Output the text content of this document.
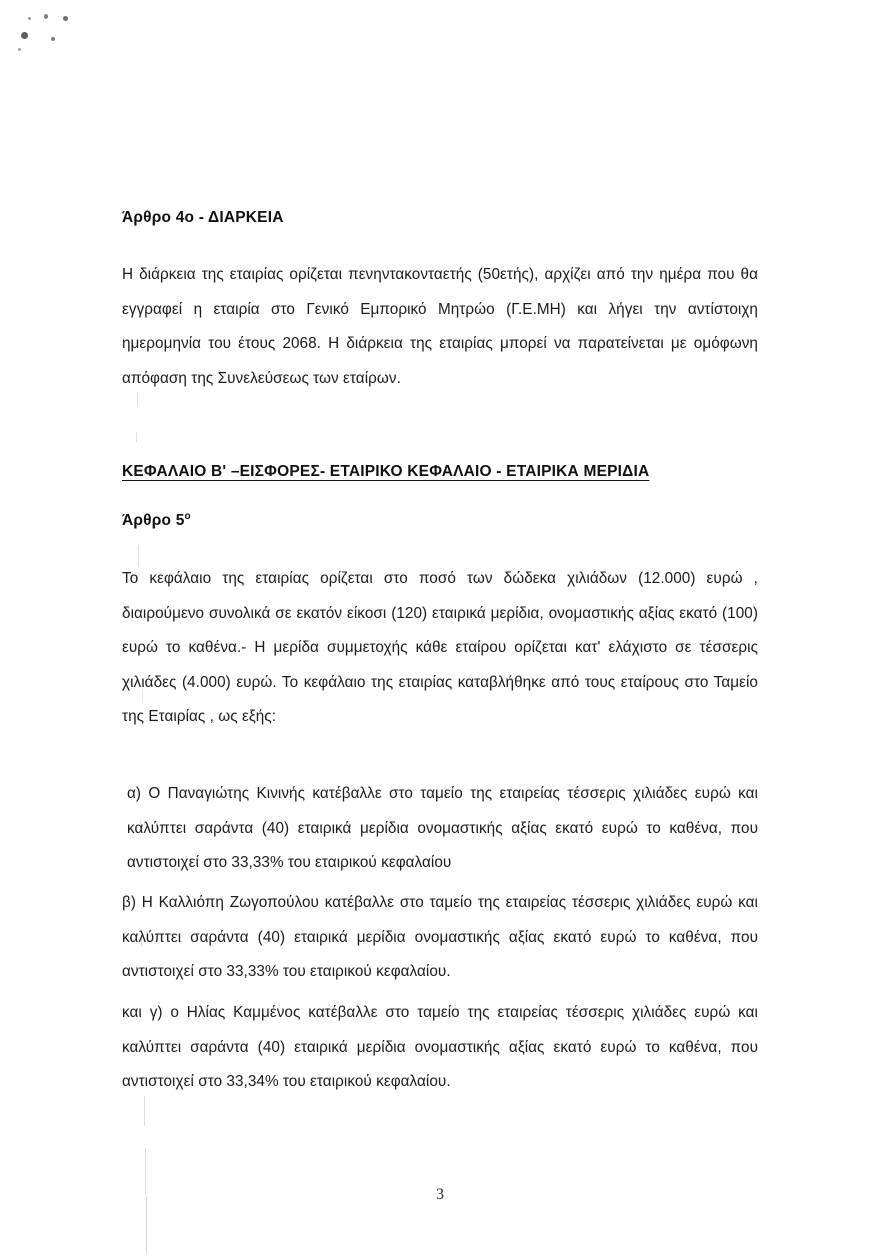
Άρθρο 4ο - ΔΙΑΡΚΕΙΑ

Η διάρκεια της εταιρίας ορίζεται πενηντακονταετής (50ετής), αρχίζει από την ημέρα που θα εγγραφεί η εταιρία στο Γενικό Εμπορικό Μητρώο (Γ.Ε.ΜΗ) και λήγει την αντίστοιχη ημερομηνία του έτους 2068. Η διάρκεια της εταιρίας μπορεί να παρατείνεται με ομόφωνη απόφαση της Συνελεύσεως των εταίρων.

ΚΕΦΑΛΑΙΟ Β' –ΕΙΣΦΟΡΕΣ- ΕΤΑΙΡΙΚΟ ΚΕΦΑΛΑΙΟ - ΕΤΑΙΡΙΚΑ ΜΕΡΙΔΙΑ
Άρθρο $5^o$

Το κεφάλαιο της εταιρίας ορίζεται στο ποσό των δώδεκα χιλιάδων (12.000) ευρώ , διαιρούμενο συνολικά σε εκατόν είκοσι (120) εταιρικά μερίδια, ονομαστικής αξίας εκατό (100) ευρώ το καθένα.- Η μερίδα συμμετοχής κάθε εταίρου ορίζεται κατ' ελάχιστο σε τέσσερις χιλιάδες (4.000) ευρώ. Το κεφάλαιο της εταιρίας καταβλήθηκε από τους εταίρους στο Ταμείο της Εταιρίας , ως εξής:

α) Ο Παναγιώτης Κινινής κατέβαλλε στο ταμείο της εταιρείας τέσσερις χιλιάδες ευρώ και καλύπτει σαράντα (40) εταιρικά μερίδια ονομαστικής αξίας εκατό ευρώ το καθένα, που αντιστοιχεί στο 33,33% του εταιρικού κεφαλαίου

β) Η Καλλιόπη Ζωγοπούλου κατέβαλλε στο ταμείο της εταιρείας τέσσερις χιλιάδες ευρώ και καλύπτει σαράντα (40) εταιρικά μερίδια ονομαστικής αξίας εκατό ευρώ το καθένα, που αντιστοιχεί στο 33,33% του εταιρικού κεφαλαίου.

και γ) ο Ηλίας Καμμένος κατέβαλλε στο ταμείο της εταιρείας τέσσερις χιλιάδες ευρώ και καλύπτει σαράντα (40) εταιρικά μερίδια ονομαστικής αξίας εκατό ευρώ το καθένα, που αντιστοιχεί στο 33,34% του εταιρικού κεφαλαίου.

3
